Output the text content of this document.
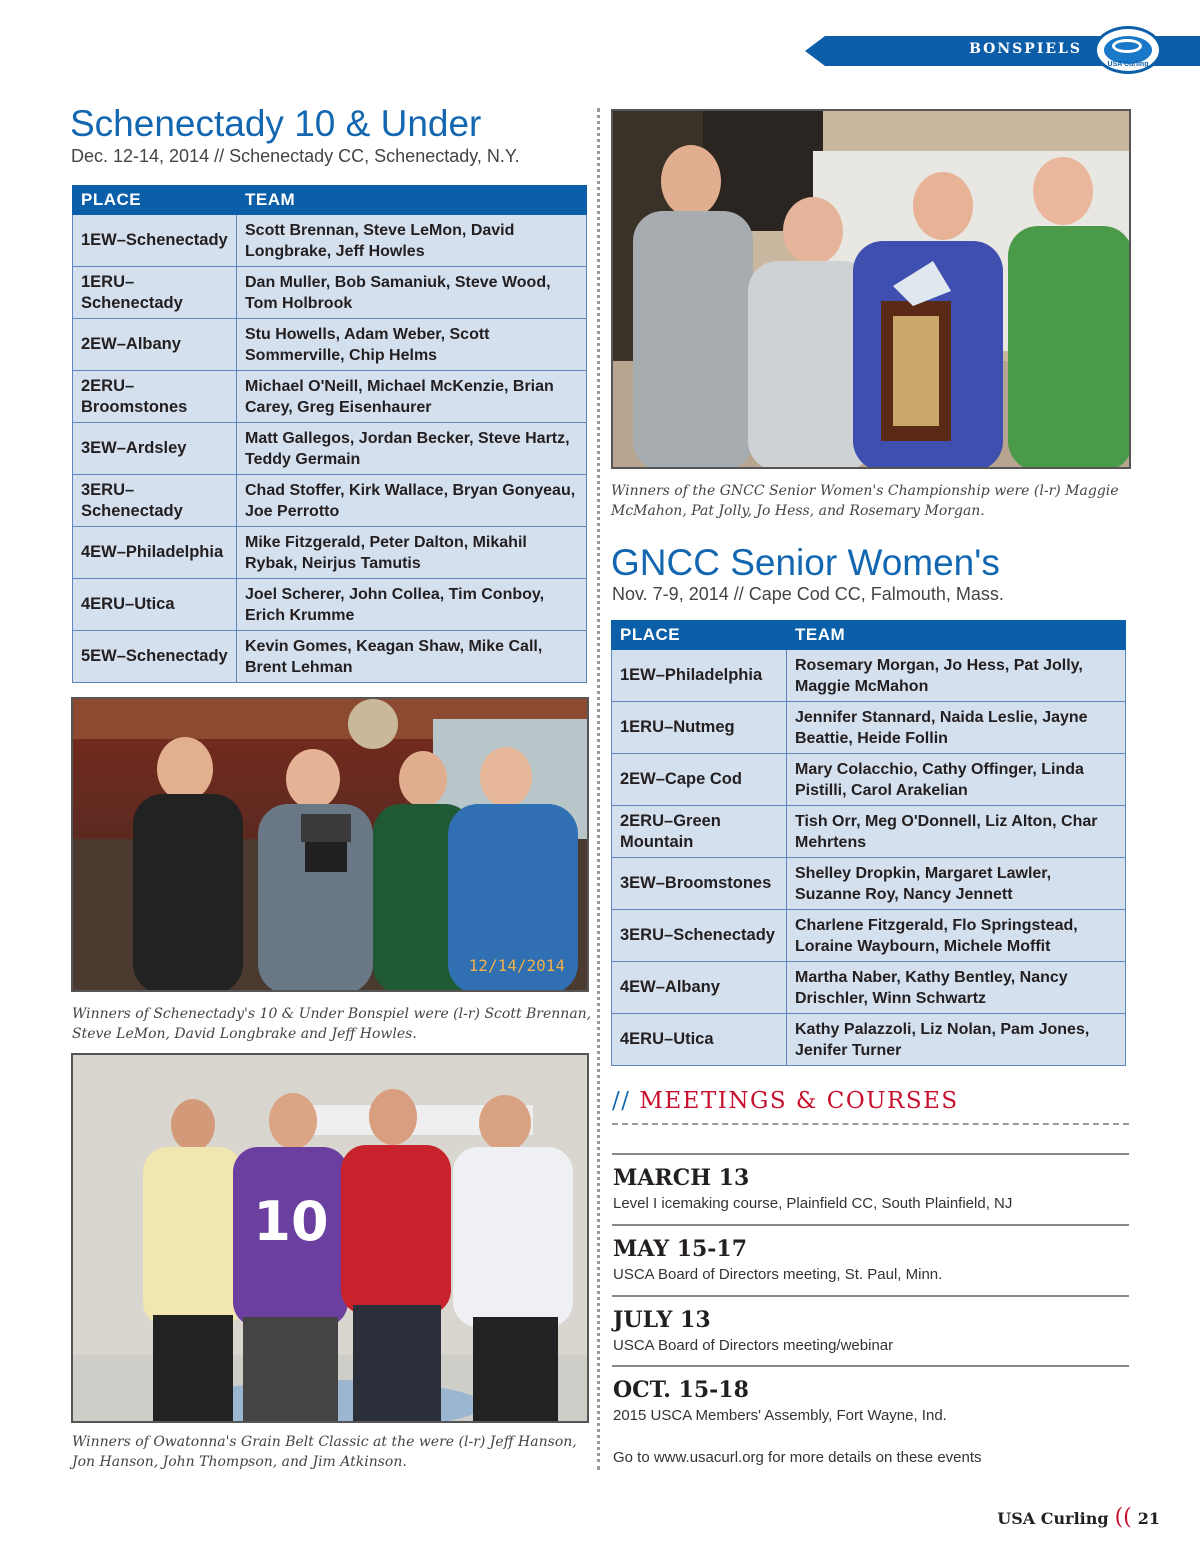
BONSPIELS
USA Curling
Schenectady 10 & Under
Dec. 12-14, 2014 // Schenectady CC, Schenectady, N.Y.
PLACE	TEAM
1EW–Schenectady	Scott Brennan, Steve LeMon, David Longbrake, Jeff Howles
1ERU–Schenectady	Dan Muller, Bob Samaniuk, Steve Wood, Tom Holbrook
2EW–Albany	Stu Howells, Adam Weber, Scott Sommerville, Chip Helms
2ERU–Broomstones	Michael O'Neill, Michael McKenzie, Brian Carey, Greg Eisenhaurer
3EW–Ardsley	Matt Gallegos, Jordan Becker, Steve Hartz, Teddy Germain
3ERU–Schenectady	Chad Stoffer, Kirk Wallace, Bryan Gonyeau, Joe Perrotto
4EW–Philadelphia	Mike Fitzgerald, Peter Dalton, Mikahil Rybak, Neirjus Tamutis
4ERU–Utica	Joel Scherer, John Collea, Tim Conboy, Erich Krumme
5EW–Schenectady	Kevin Gomes, Keagan Shaw, Mike Call, Brent Lehman
12/14/2014
Winners of Schenectady's 10 & Under Bonspiel were (l-r) Scott Brennan, Steve LeMon, David Longbrake and Jeff Howles.
10
Winners of Owatonna's Grain Belt Classic at the were (l-r) Jeff Hanson, Jon Hanson, John Thompson, and Jim Atkinson.
Winners of the GNCC Senior Women's Championship were (l-r) Maggie McMahon, Pat Jolly, Jo Hess, and Rosemary Morgan.
GNCC Senior Women's
Nov. 7-9, 2014 // Cape Cod CC, Falmouth, Mass.
PLACE	TEAM
1EW–Philadelphia	Rosemary Morgan, Jo Hess, Pat Jolly, Maggie McMahon
1ERU–Nutmeg	Jennifer Stannard, Naida Leslie, Jayne Beattie, Heide Follin
2EW–Cape Cod	Mary Colacchio, Cathy Offinger, Linda Pistilli, Carol Arakelian
2ERU–Green Mountain	Tish Orr, Meg O'Donnell, Liz Alton, Char Mehrtens
3EW–Broomstones	Shelley Dropkin, Margaret Lawler, Suzanne Roy, Nancy Jennett
3ERU–Schenectady	Charlene Fitzgerald, Flo Springstead, Loraine Waybourn, Michele Moffit
4EW–Albany	Martha Naber, Kathy Bentley, Nancy Drischler, Winn Schwartz
4ERU–Utica	Kathy Palazzoli, Liz Nolan, Pam Jones, Jenifer Turner
// MEETINGS & COURSES
MARCH 13
Level I icemaking course, Plainfield CC, South Plainfield, NJ
MAY 15-17
USCA Board of Directors meeting, St. Paul, Minn.
JULY 13
USCA Board of Directors meeting/webinar
OCT. 15-18
2015 USCA Members' Assembly, Fort Wayne, Ind.
Go to www.usacurl.org for more details on these events
USA Curling (( 21
